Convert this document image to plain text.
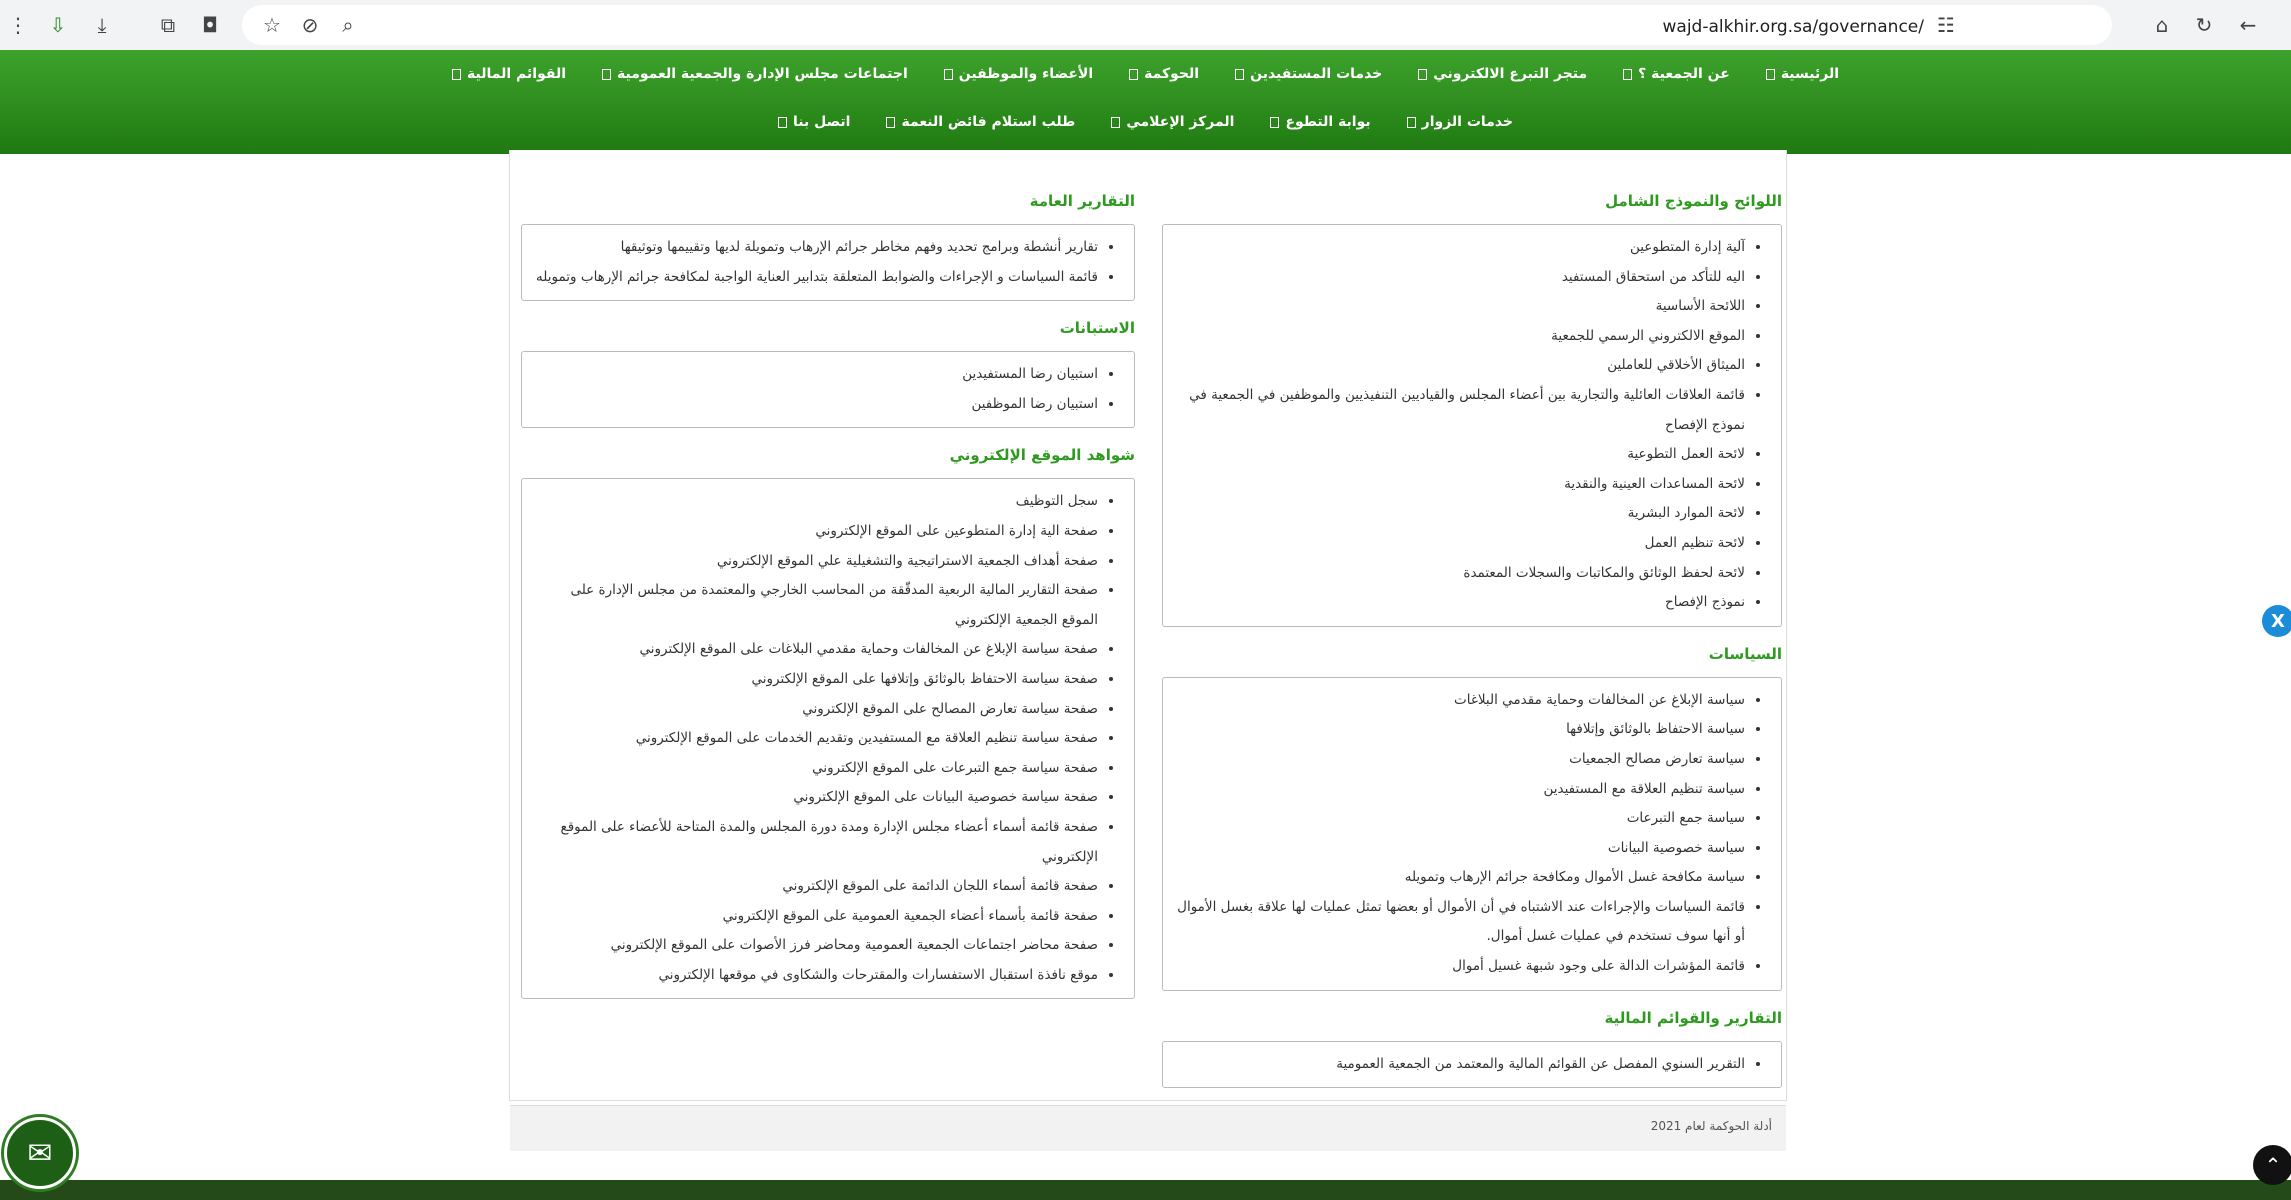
⋮	⇩	⤓	⧉	◘	☆	⊘	⌕	wajd-alkhir.org.sa/governance/ ☷	⌂	↻	←
الرئيسية
عن الجمعية ؟
متجر التبرع الالكتروني
خدمات المستفيدين
الحوكمة
الأعضاء والموظفين
اجتماعات مجلس الإدارة والجمعية العمومية
القوائم المالية
خدمات الزوار
بوابة التطوع
المركز الإعلامي
طلب استلام فائض النعمة
اتصل بنا
اللوائح والنموذج الشامل
• آلية إدارة المتطوعين
• اليه للتأكد من استحقاق المستفيد
• اللائحة الأساسية
• الموقع الالكتروني الرسمي للجمعية
• الميثاق الأخلاقي للعاملين
• قائمة العلاقات العائلية والتجارية بين أعضاء المجلس والقياديين التنفيذيين والموظفين في الجمعية في نموذج الإفصاح
• لائحة العمل التطوعية
• لائحة المساعدات العينية والنقدية
• لائحة الموارد البشرية
• لائحة تنظيم العمل
• لائحة لحفظ الوثائق والمكاتبات والسجلات المعتمدة
• نموذج الإفصاح
السياسات
• سياسة الإبلاغ عن المخالفات وحماية مقدمي البلاغات
• سياسة الاحتفاظ بالوثائق وإتلافها
• سياسة تعارض مصالح الجمعيات
• سياسة تنظيم العلاقة مع المستفيدين
• سياسة جمع التبرعات
• سياسة خصوصية البيانات
• سياسة مكافحة غسل الأموال ومكافحة جرائم الإرهاب وتمويله
• قائمة السياسات والإجراءات عند الاشتباه في أن الأموال أو بعضها تمثل عمليات لها علاقة بغسل الأموال أو أنها سوف تستخدم في عمليات غسل أموال.
• قائمة المؤشرات الدالة على وجود شبهة غسيل أموال
التقارير والقوائم المالية
• التقرير السنوي المفصل عن القوائم المالية والمعتمد من الجمعية العمومية
التقارير العامة
• تقارير أنشطة وبرامج تحديد وفهم مخاطر جرائم الإرهاب وتمويلة لديها وتقييمها وتوثيقها
• قائمة السياسات و الإجراءات والضوابط المتعلقة بتدابير العناية الواجبة لمكافحة جرائم الإرهاب وتمويله
الاستبانات
• استبيان رضا المستفيدين
• استبيان رضا الموظفين
شواهد الموقع الإلكتروني
• سجل التوظيف
• صفحة الية إدارة المتطوعين على الموقع الإلكتروني
• صفحة أهداف الجمعية الاستراتيجية والتشغيلية علي الموقع الإلكتروني
• صفحة التقارير المالية الربعية المدقّقة من المحاسب الخارجي والمعتمدة من مجلس الإدارة على الموقع الجمعية الإلكتروني
• صفحة سياسة الإبلاغ عن المخالفات وحماية مقدمي البلاغات على الموقع الإلكتروني
• صفحة سياسة الاحتفاظ بالوثائق وإتلافها على الموقع الإلكتروني
• صفحة سياسة تعارض المصالح على الموقع الإلكتروني
• صفحة سياسة تنظيم العلاقة مع المستفيدين وتقديم الخدمات على الموقع الإلكتروني
• صفحة سياسة جمع التبرعات على الموقع الإلكتروني
• صفحة سياسة خصوصية البيانات على الموقع الإلكتروني
• صفحة قائمة أسماء أعضاء مجلس الإدارة ومدة دورة المجلس والمدة المتاحة للأعضاء على الموقع الإلكتروني
• صفحة قائمة أسماء اللجان الدائمة على الموقع الإلكتروني
• صفحة قائمة بأسماء أعضاء الجمعية العمومية على الموقع الإلكتروني
• صفحة محاضر اجتماعات الجمعية العمومية ومحاضر فرز الأصوات على الموقع الإلكتروني
• موقع نافذة استقبال الاستفسارات والمقترحات والشكاوى في موقعها الإلكتروني
أدلة الحوكمة لعام 2021
✉
X
⌃
